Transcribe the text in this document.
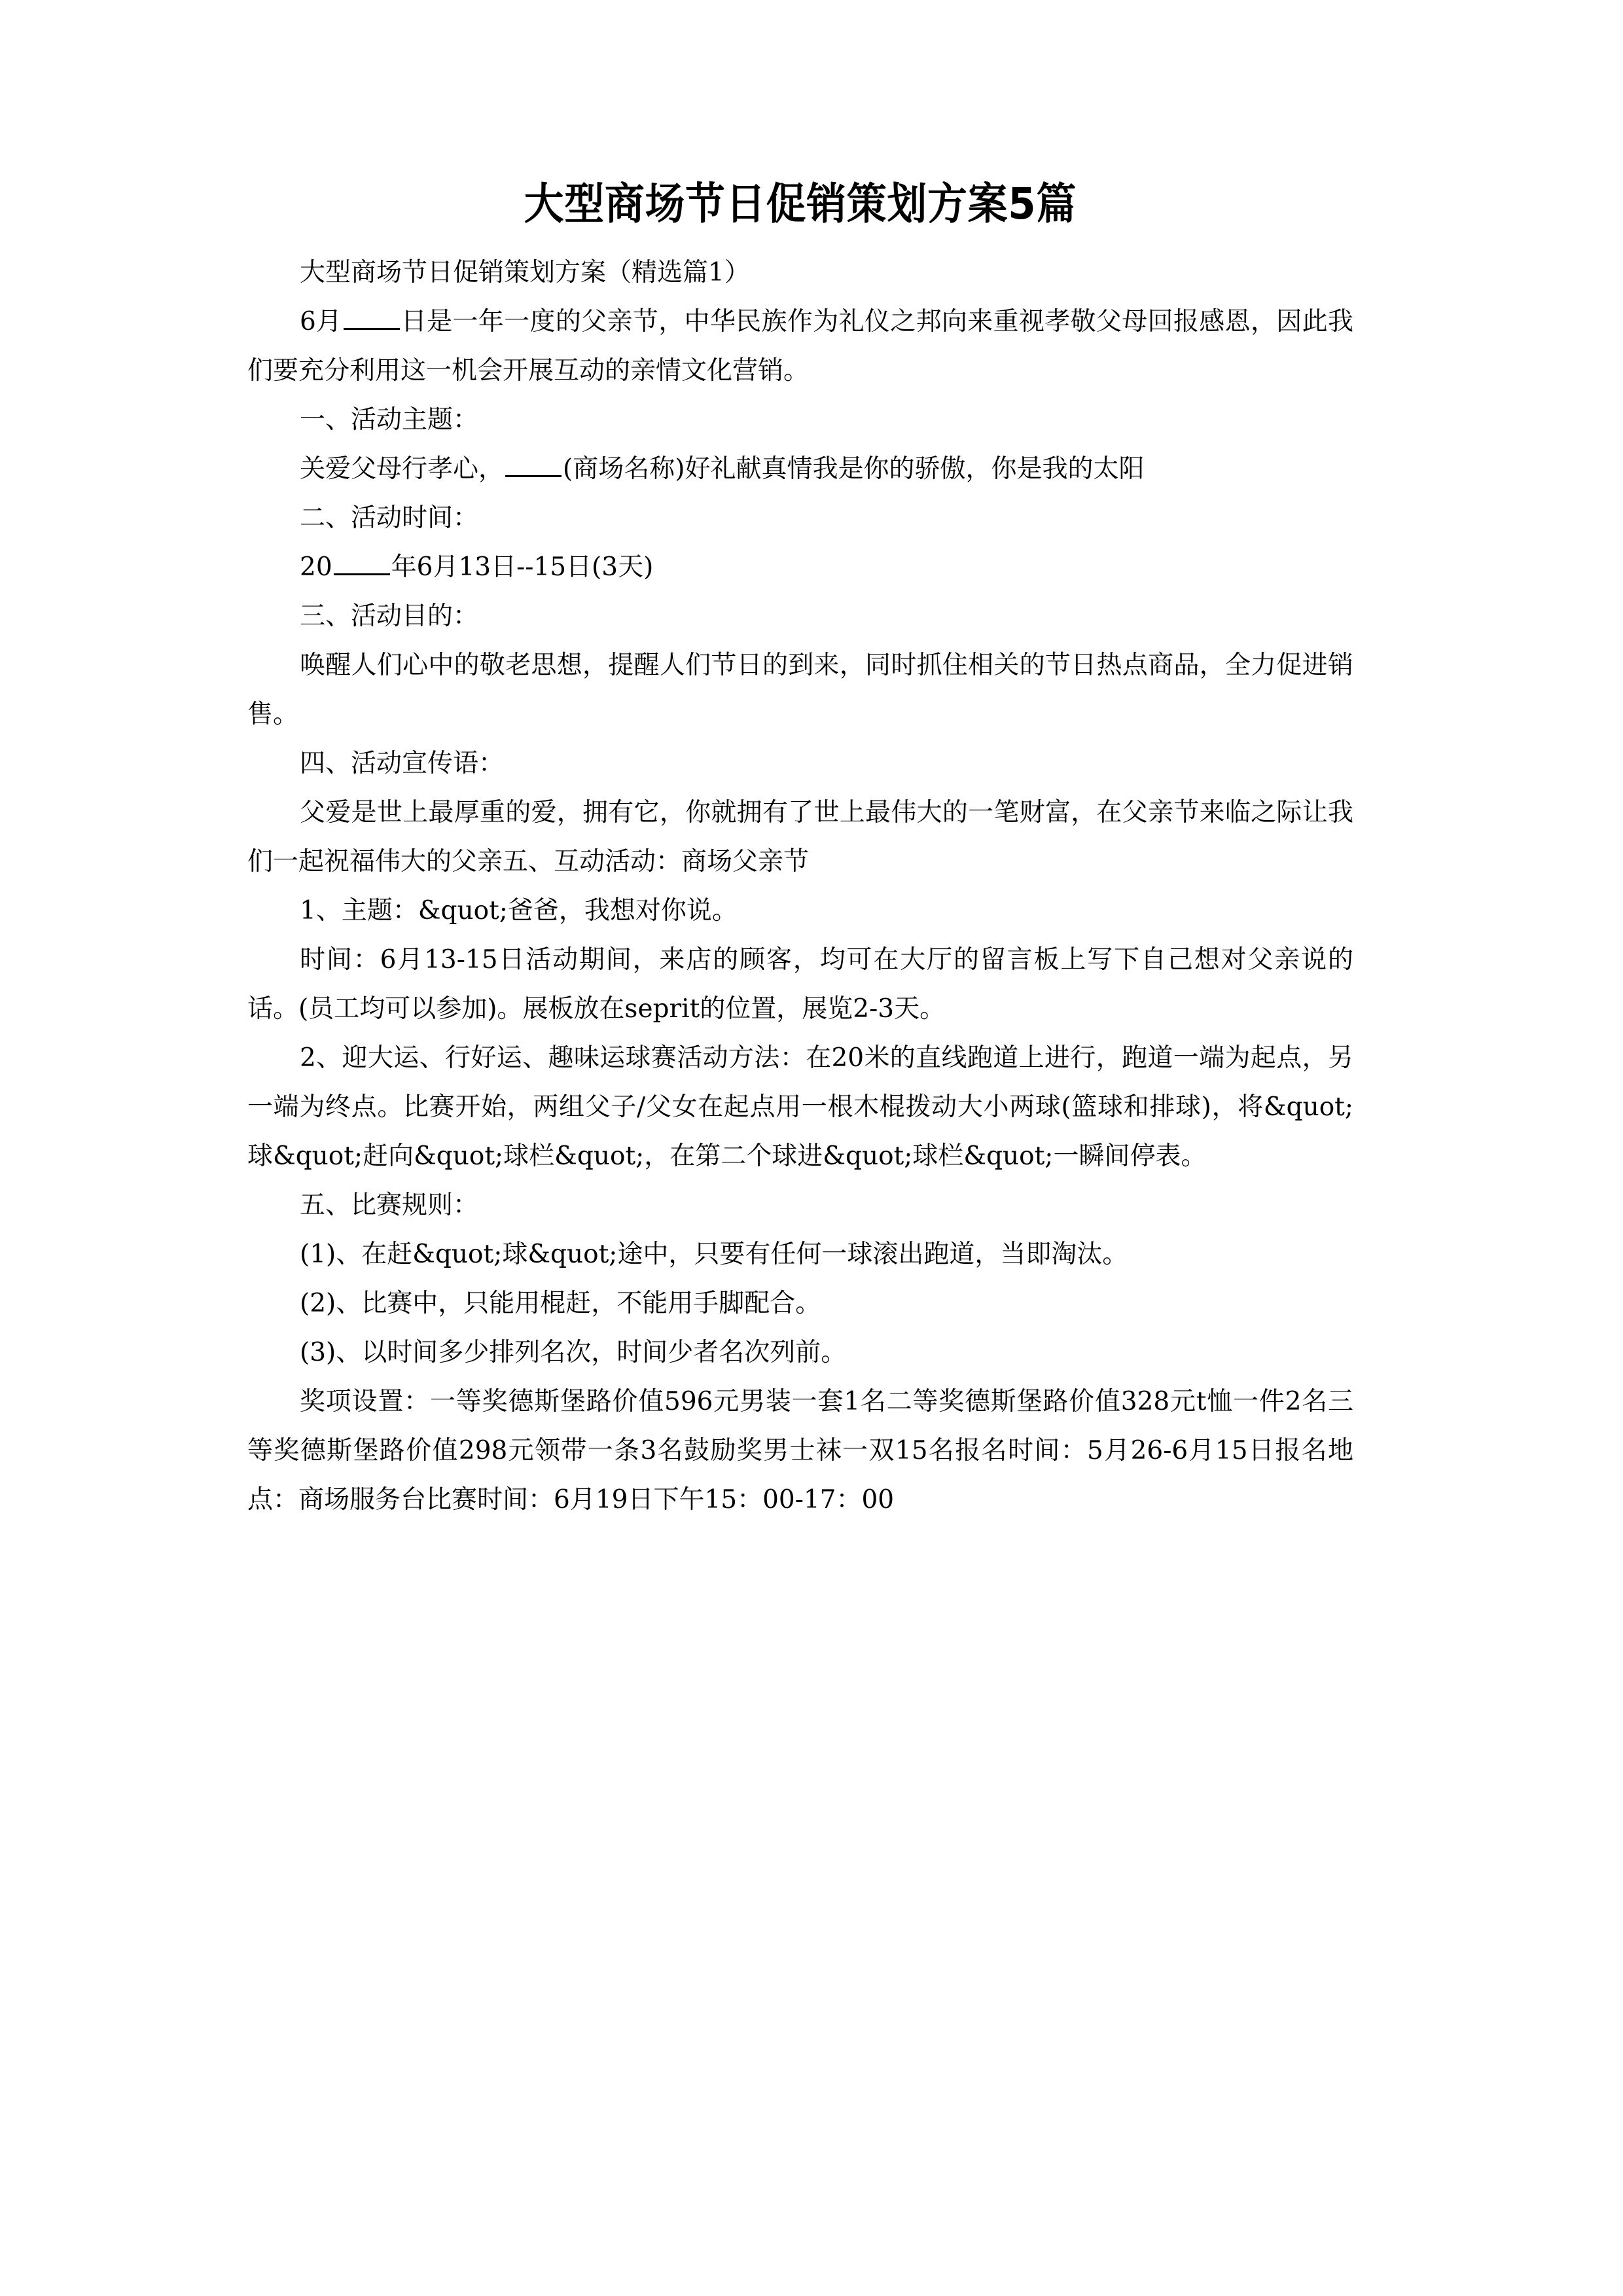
大型商场节日促销策划方案5篇

大型商场节日促销策划方案（精选篇1）

6月 日是一年一度的父亲节，中华民族作为礼仪之邦向来重视孝敬父母回报感恩，因此我们要充分利用这一机会开展互动的亲情文化营销。

一、活动主题：

关爱父母行孝心， (商场名称)好礼献真情我是你的骄傲，你是我的太阳

二、活动时间：

20 年6月13日--15日(3天)

三、活动目的：

唤醒人们心中的敬老思想，提醒人们节日的到来，同时抓住相关的节日热点商品，全力促进销售。

四、活动宣传语：

父爱是世上最厚重的爱，拥有它，你就拥有了世上最伟大的一笔财富，在父亲节来临之际让我们一起祝福伟大的父亲五、互动活动：商场父亲节

1、主题：&quot;爸爸，我想对你说。

时间：6月13-15日活动期间，来店的顾客，均可在大厅的留言板上写下自己想对父亲说的话。(员工均可以参加)。展板放在seprit的位置，展览2-3天。

2、迎大运、行好运、趣味运球赛活动方法：在20米的直线跑道上进行，跑道一端为起点，另一端为终点。比赛开始，两组父子/父女在起点用一根木棍拨动大小两球(篮球和排球)，将&quot;球&quot;赶向&quot;球栏&quot;，在第二个球进&quot;球栏&quot;一瞬间停表。

五、比赛规则：

(1)、在赶&quot;球&quot;途中，只要有任何一球滚出跑道，当即淘汰。

(2)、比赛中，只能用棍赶，不能用手脚配合。

(3)、以时间多少排列名次，时间少者名次列前。

奖项设置：一等奖德斯堡路价值596元男装一套1名二等奖德斯堡路价值328元t恤一件2名三等奖德斯堡路价值298元领带一条3名鼓励奖男士袜一双15名报名时间：5月26-6月15日报名地点：商场服务台比赛时间：6月19日下午15：00-17：00
